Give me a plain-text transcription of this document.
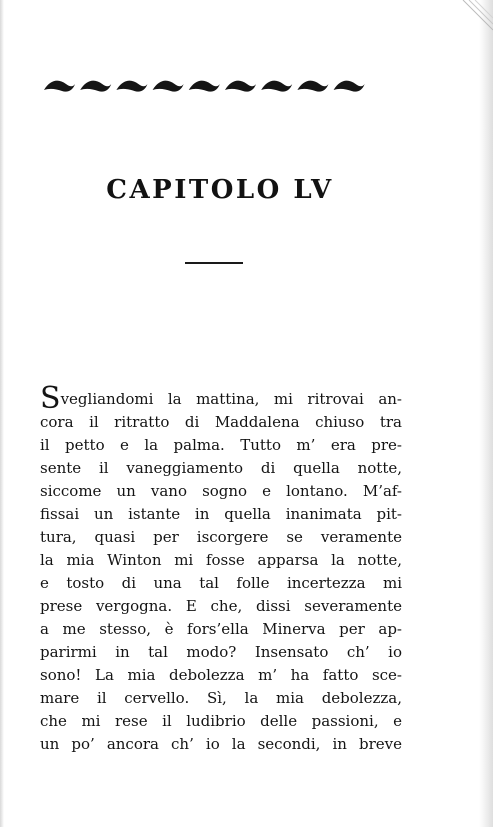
CAPITOLO LV
Svegliandomi la mattina, mi ritrovai an-
cora il ritratto di Maddalena chiuso tra
il petto e la palma. Tutto m’ era pre-
sente il vaneggiamento di quella notte,
siccome un vano sogno e lontano. M’af-
fissai un istante in quella inanimata pit-
tura, quasi per iscorgere se veramente
la mia Winton mi fosse apparsa la notte,
e tosto di una tal folle incertezza mi
prese vergogna. E che, dissi severamente
a me stesso, è fors’ella Minerva per ap-
parirmi in tal modo? Insensato ch’ io
sono! La mia debolezza m’ ha fatto sce-
mare il cervello. Sì, la mia debolezza,
che mi rese il ludibrio delle passioni, e
un po’ ancora ch’ io la secondi, in breve
